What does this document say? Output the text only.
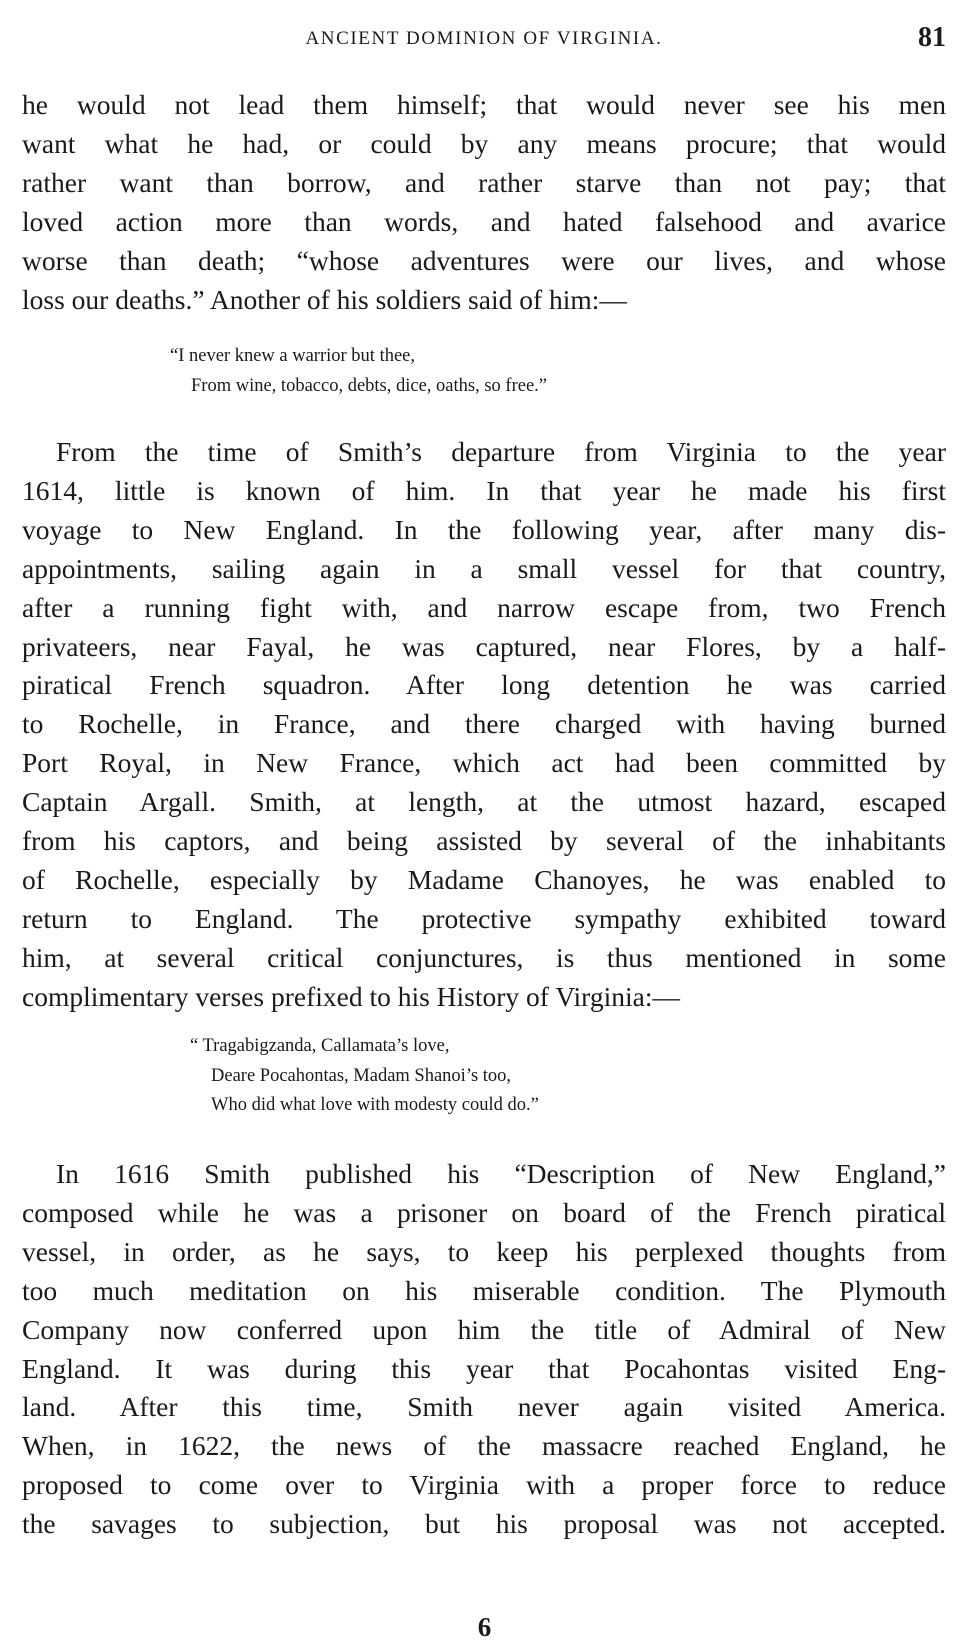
ANCIENT DOMINION OF VIRGINIA.	81
he would not lead them himself; that would never see his men
want what he had, or could by any means procure; that would
rather want than borrow, and rather starve than not pay; that
loved action more than words, and hated falsehood and avarice
worse than death; “whose adventures were our lives, and whose
loss our deaths.” Another of his soldiers said of him:—
“I never knew a warrior but thee,
From wine, tobacco, debts, dice, oaths, so free.”
From the time of Smith’s departure from Virginia to the year
1614, little is known of him. In that year he made his first
voyage to New England. In the following year, after many dis-
appointments, sailing again in a small vessel for that country,
after a running fight with, and narrow escape from, two French
privateers, near Fayal, he was captured, near Flores, by a half-
piratical French squadron. After long detention he was carried
to Rochelle, in France, and there charged with having burned
Port Royal, in New France, which act had been committed by
Captain Argall. Smith, at length, at the utmost hazard, escaped
from his captors, and being assisted by several of the inhabitants
of Rochelle, especially by Madame Chanoyes, he was enabled to
return to England. The protective sympathy exhibited toward
him, at several critical conjunctures, is thus mentioned in some
complimentary verses prefixed to his History of Virginia:—
“ Tragabigzanda, Callamata’s love,
Deare Pocahontas, Madam Shanoi’s too,
Who did what love with modesty could do.”
In 1616 Smith published his “Description of New England,”
composed while he was a prisoner on board of the French piratical
vessel, in order, as he says, to keep his perplexed thoughts from
too much meditation on his miserable condition. The Plymouth
Company now conferred upon him the title of Admiral of New
England. It was during this year that Pocahontas visited Eng-
land. After this time, Smith never again visited America.
When, in 1622, the news of the massacre reached England, he
proposed to come over to Virginia with a proper force to reduce
the savages to subjection, but his proposal was not accepted.
6
